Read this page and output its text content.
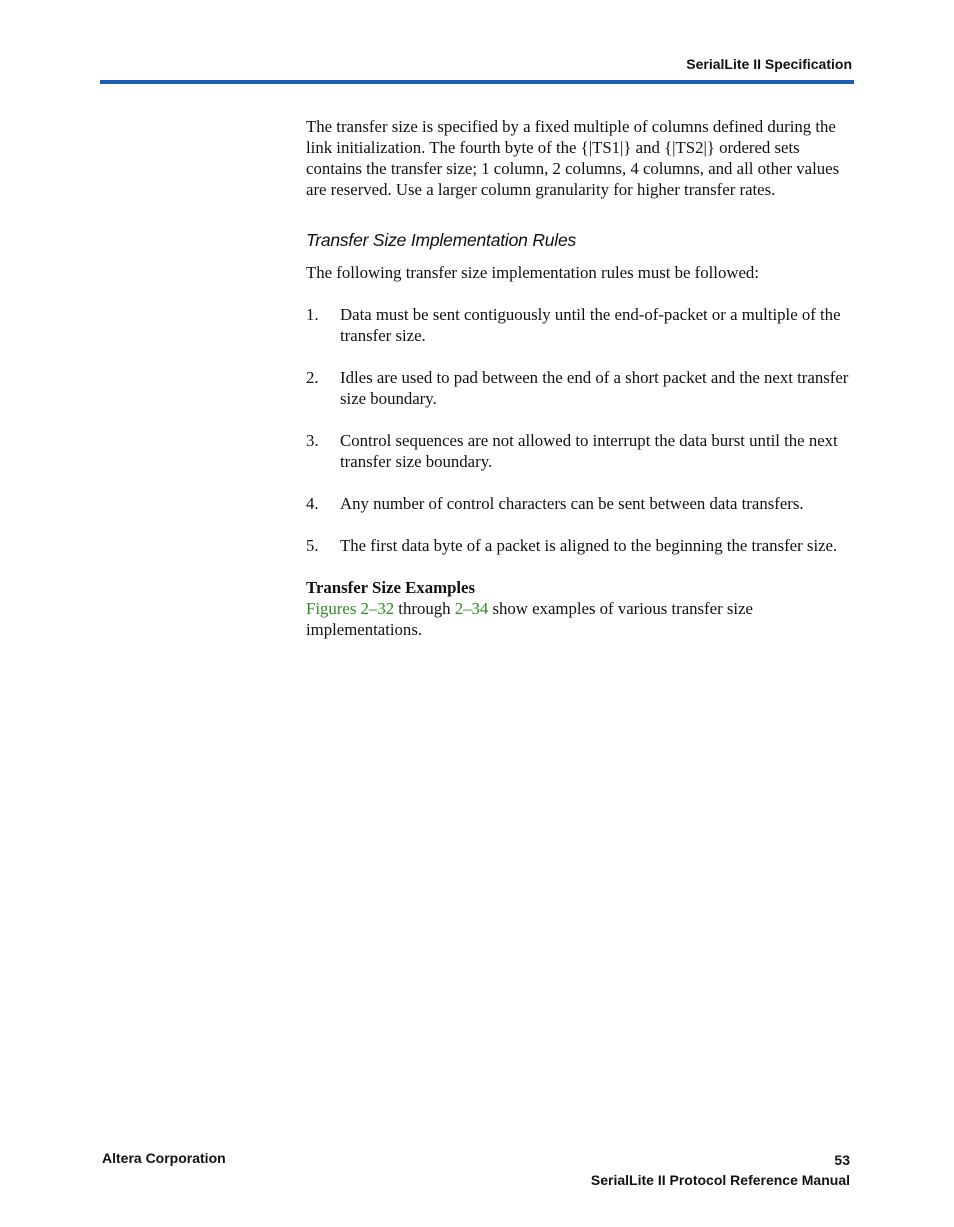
SerialLite II Specification

The transfer size is specified by a fixed multiple of columns defined during the link initialization. The fourth byte of the {|TS1|} and {|TS2|} ordered sets contains the transfer size; 1 column, 2 columns, 4 columns, and all other values are reserved. Use a larger column granularity for higher transfer rates.

Transfer Size Implementation Rules

The following transfer size implementation rules must be followed:

1.	Data must be sent contiguously until the end-of-packet or a multiple of the transfer size.
2.	Idles are used to pad between the end of a short packet and the next transfer size boundary.
3.	Control sequences are not allowed to interrupt the data burst until the next transfer size boundary.
4.	Any number of control characters can be sent between data transfers.
5.	The first data byte of a packet is aligned to the beginning the transfer size.
Transfer Size Examples

Figures 2–32 through 2–34 show examples of various transfer size implementations.

Altera Corporation	53
SerialLite II Protocol Reference Manual
